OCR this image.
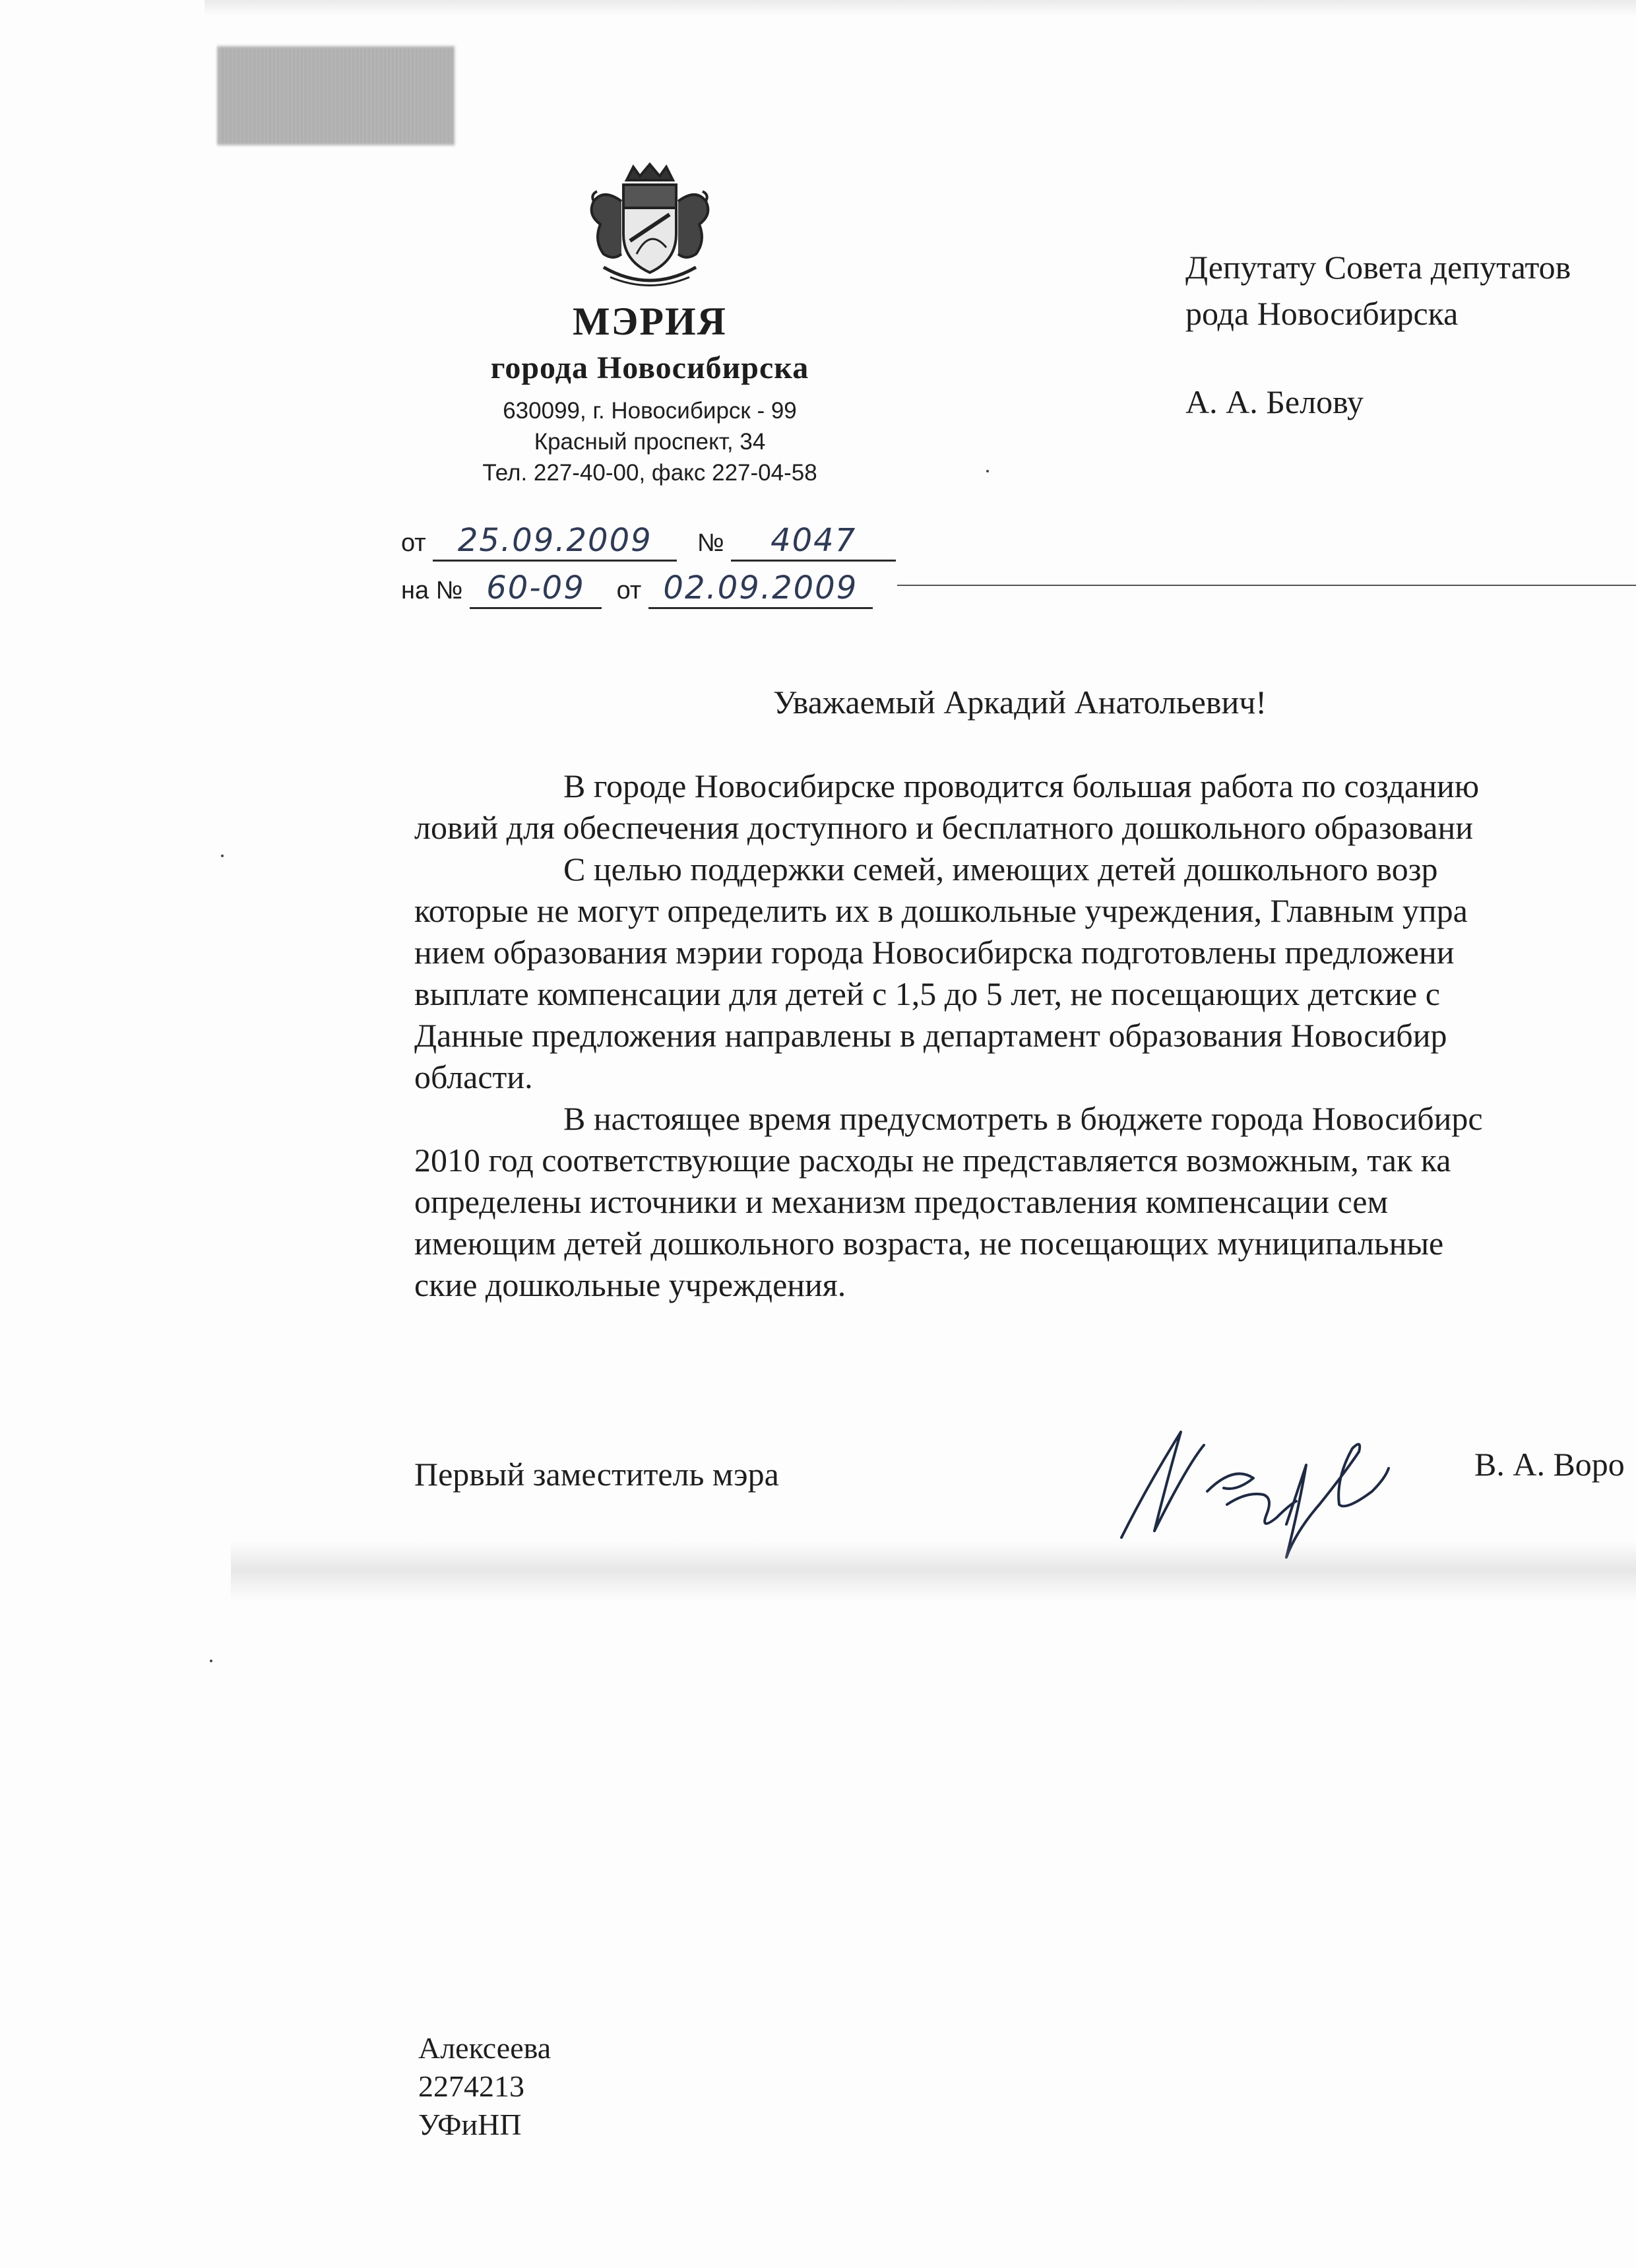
МЭРИЯ
города Новосибирска
630099, г. Новосибирск - 99
Красный проспект, 34
Тел. 227-40-00, факс 227-04-58
от 25.09.2009 № 4047
на № 60-09 от 02.09.2009
Депутату Совета депутатов
рода Новосибирска
А. А. Белову
Уважаемый Аркадий Анатольевич!

В городе Новосибирске проводится большая работа по созданию

ловий для обеспечения доступного и бесплатного дошкольного образовани

С целью поддержки семей, имеющих детей дошкольного возр

которые не могут определить их в дошкольные учреждения, Главным упра

нием образования мэрии города Новосибирска подготовлены предложени

выплате компенсации для детей с 1,5 до 5 лет, не посещающих детские с

Данные предложения направлены в департамент образования Новосибир

области.

В настоящее время предусмотреть в бюджете города Новосибирс

2010 год соответствующие расходы не представляется возможным, так ка

определены источники и механизм предоставления компенсации сем

имеющим детей дошкольного возраста, не посещающих муниципальные

ские дошкольные учреждения.

Первый заместитель мэра	В. А. Воро
Алексеева
2274213
УФиНП
